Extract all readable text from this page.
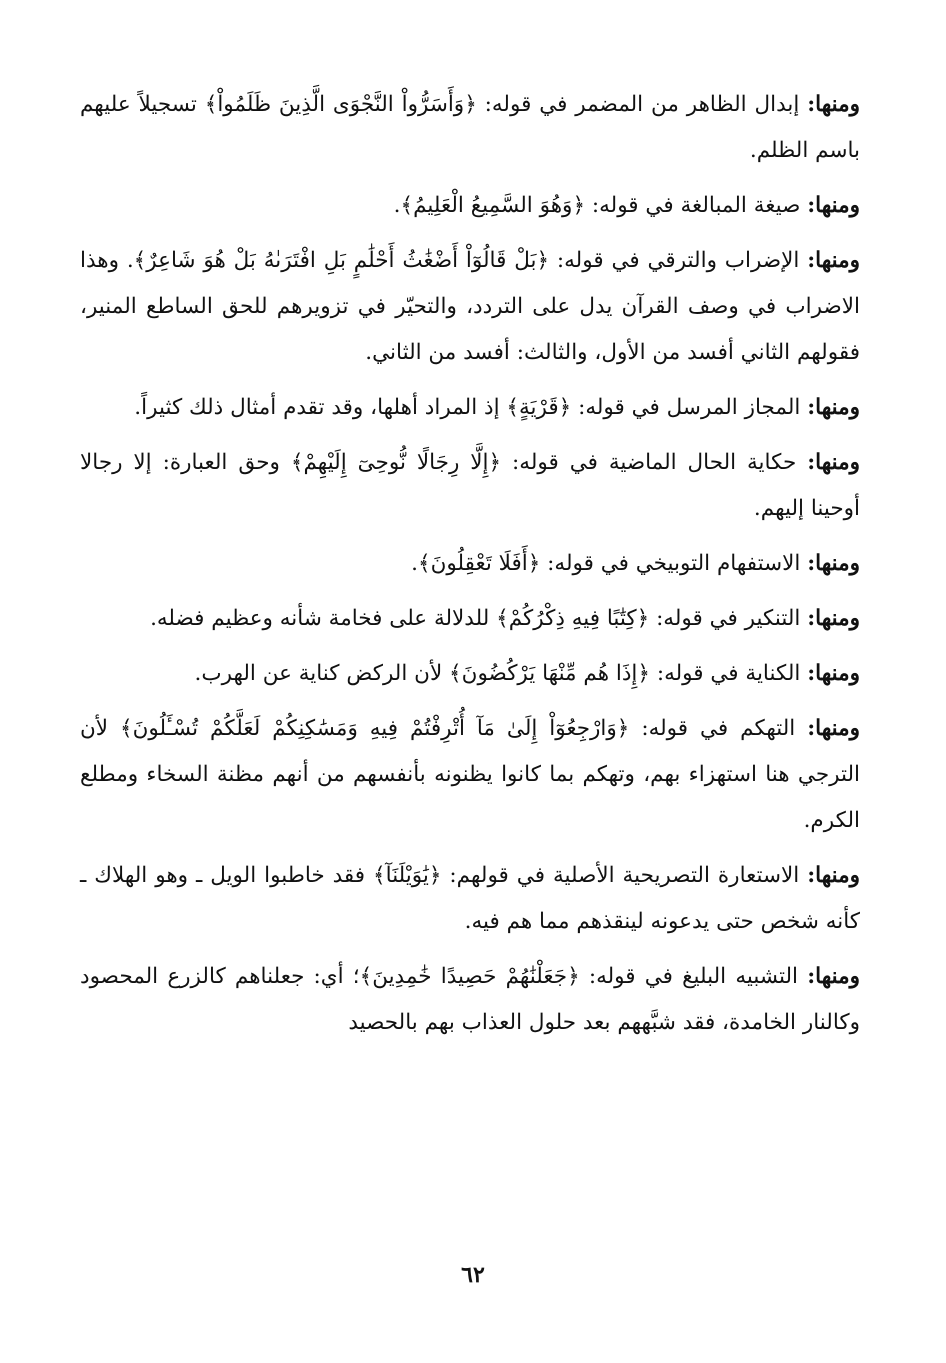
ومنها: إبدال الظاهر من المضمر في قوله: ﴿وَأَسَرُّواْ النَّجْوَى الَّذِينَ ظَلَمُواْ﴾ تسجيلاً عليهم باسم الظلم.

ومنها: صيغة المبالغة في قوله: ﴿وَهُوَ السَّمِيعُ الْعَلِيمُ﴾.

ومنها: الإضراب والترقي في قوله: ﴿بَلْ قَالُوٓاْ أَضْغَٰثُ أَحْلَٰمٍ بَلِ افْتَرَىٰهُ بَلْ هُوَ شَاعِرٌ﴾. وهذا الاضراب في وصف القرآن يدل على التردد، والتحيّر في تزويرهم للحق الساطع المنير، فقولهم الثاني أفسد من الأول، والثالث: أفسد من الثاني.

ومنها: المجاز المرسل في قوله: ﴿قَرْيَةٍ﴾ إذ المراد أهلها، وقد تقدم أمثال ذلك كثيراً.

ومنها: حكاية الحال الماضية في قوله: ﴿إِلَّا رِجَالًا نُّوحِىٓ إِلَيْهِمْ﴾ وحق العبارة: إلا رجالا أوحينا إليهم.

ومنها: الاستفهام التوبيخي في قوله: ﴿أَفَلَا تَعْقِلُونَ﴾.

ومنها: التنكير في قوله: ﴿كِتَٰبًا فِيهِ ذِكْرُكُمْ﴾ للدلالة على فخامة شأنه وعظيم فضله.

ومنها: الكناية في قوله: ﴿إِذَا هُم مِّنْهَا يَرْكُضُونَ﴾ لأن الركض كناية عن الهرب.

ومنها: التهكم في قوله: ﴿وَارْجِعُوٓاْ إِلَىٰ مَآ أُتْرِفْتُمْ فِيهِ وَمَسَٰكِنِكُمْ لَعَلَّكُمْ تُسْـَٔلُونَ﴾ لأن الترجي هنا استهزاء بهم، وتهكم بما كانوا يظنونه بأنفسهم من أنهم مظنة السخاء ومطلع الكرم.

ومنها: الاستعارة التصريحية الأصلية في قولهم: ﴿يَٰوَيْلَنَآ﴾ فقد خاطبوا الويل ـ وهو الهلاك ـ كأنه شخص حتى يدعونه لينقذهم مما هم فيه.

ومنها: التشبيه البليغ في قوله: ﴿جَعَلْنَٰهُمْ حَصِيدًا خَٰمِدِينَ﴾؛ أي: جعلناهم كالزرع المحصود وكالنار الخامدة، فقد شبَّههم بعد حلول العذاب بهم بالحصيد

٦٢
